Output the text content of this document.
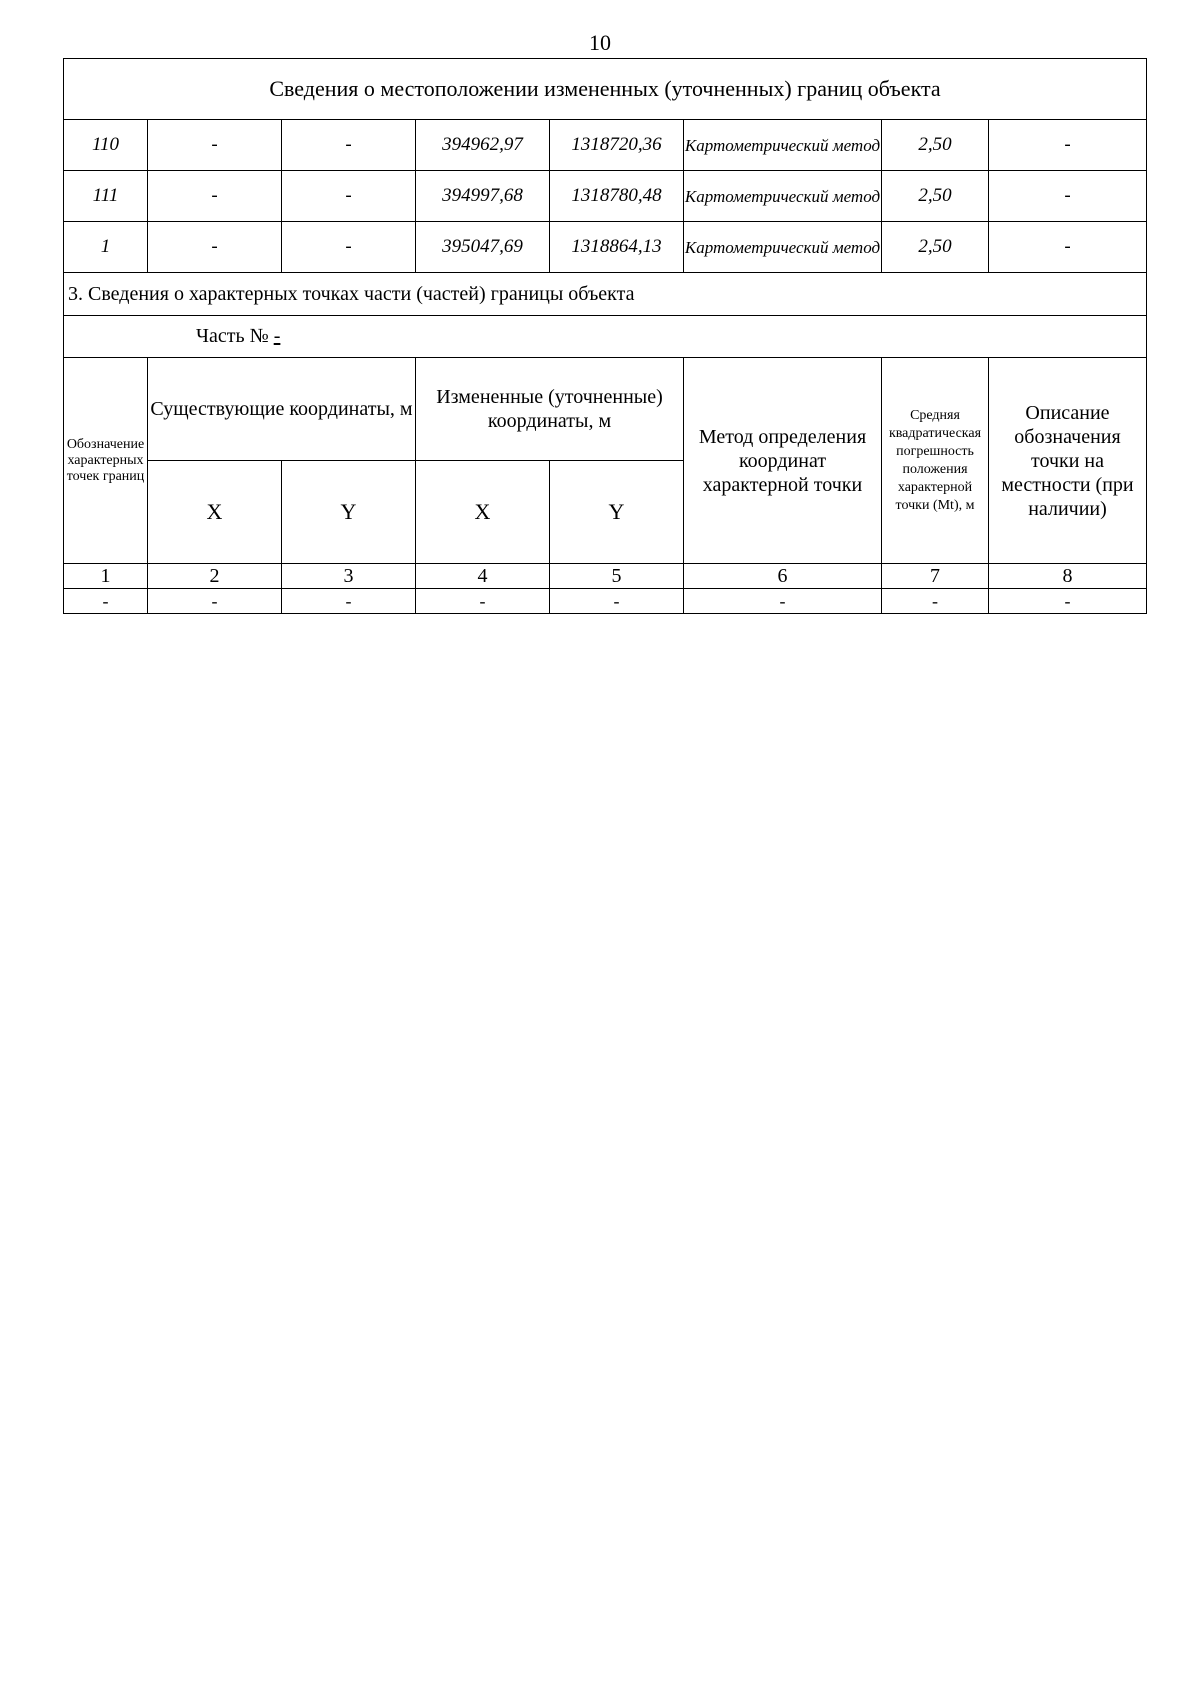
10
Сведения о местоположении измененных (уточненных) границ объекта							
110	-	-	394962,97	1318720,36	Картометрический метод	2,50	-
111	-	-	394997,68	1318780,48	Картометрический метод	2,50	-
1	-	-	395047,69	1318864,13	Картометрический метод	2,50	-
3. Сведения о характерных точках части (частей) границы объекта							

Часть № -							

Обозначение характерных точек границ	Существующие координаты, м		Измененные (уточненные) координаты, м		Метод определения координат характерной точки	Средняя квадратическая погрешность положения характерной точки (Mt), м	Описание обозначения точки на местности (при наличии)
	X	Y	X	Y			
1	2	3	4	5	6	7	8
-	-	-	-	-	-	-	-
